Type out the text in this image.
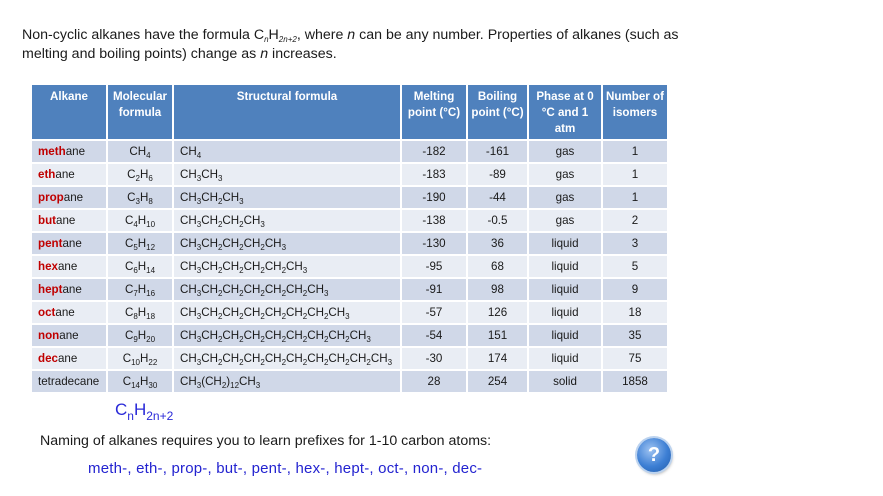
Non-cyclic alkanes have the formula $C_nH_{2n+2}$, where n can be any number. Properties of alkanes (such as melting and boiling points) change as n increases.
Alkane	Molecular formula	Structural formula	Melting point (°C)	Boiling point (°C)	Phase at 0 °C and 1 atm	Number of isomers
methane	$CH_4$	$CH_4$	-182	-161	gas	1
ethane	$C_2H_6$	$CH_3CH_3$	-183	-89	gas	1
propane	$C_3H_8$	$CH_3CH_2CH_3$	-190	-44	gas	1
butane	$C_4H_{10}$	$CH_3CH_2CH_2CH_3$	-138	-0.5	gas	2
pentane	$C_5H_{12}$	$CH_3CH_2CH_2CH_2CH_3$	-130	36	liquid	3
hexane	$C_6H_{14}$	$CH_3CH_2CH_2CH_2CH_2CH_3$	-95	68	liquid	5
heptane	$C_7H_{16}$	$CH_3CH_2CH_2CH_2CH_2CH_2CH_3$	-91	98	liquid	9
octane	$C_8H_{18}$	$CH_3CH_2CH_2CH_2CH_2CH_2CH_2CH_3$	-57	126	liquid	18
nonane	$C_9H_{20}$	$CH_3CH_2CH_2CH_2CH_2CH_2CH_2CH_2CH_3$	-54	151	liquid	35
decane	$C_{10}H_{22}$	$CH_3CH_2CH_2CH_2CH_2CH_2CH_2CH_2CH_2CH_3$	-30	174	liquid	75
tetradecane	$C_{14}H_{30}$	$CH_3(CH_2)_{12}CH_3$	28	254	solid	1858
$C_nH_{2n+2}$
Naming of alkanes requires you to learn prefixes for 1-10 carbon atoms:
meth-, eth-, prop-, but-, pent-, hex-, hept-, oct-, non-, dec-
?
